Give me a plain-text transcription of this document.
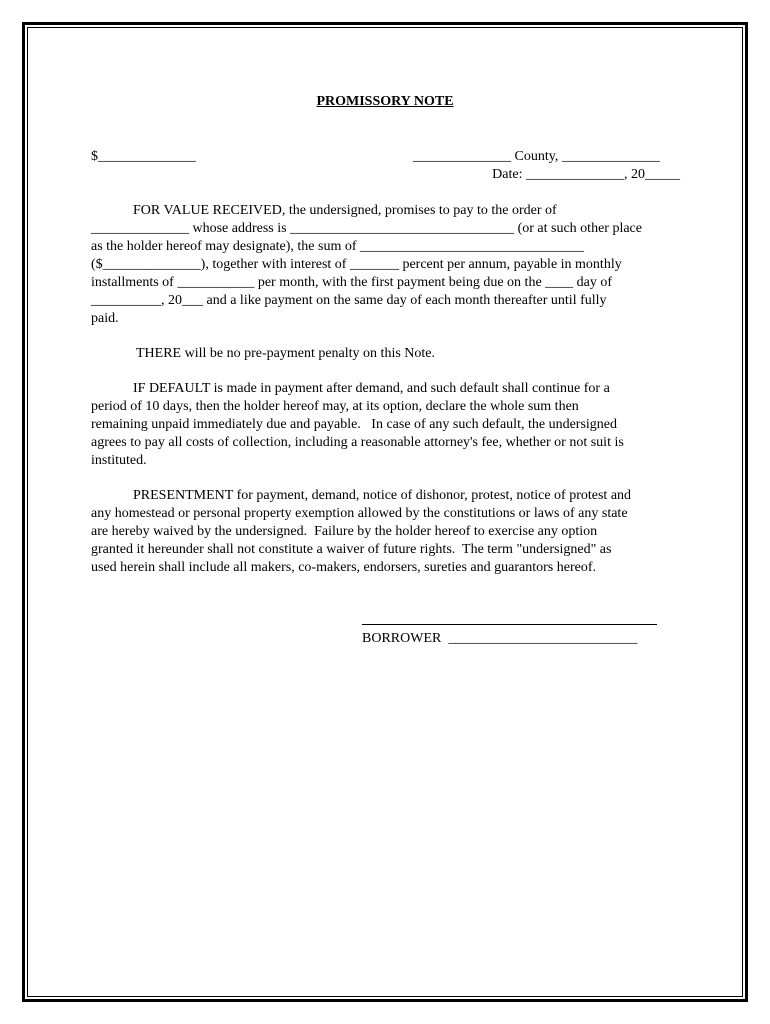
PROMISSORY NOTE
$______________	______________ County, ______________
Date: ______________, 20_____
FOR VALUE RECEIVED, the undersigned, promises to pay to the order of
______________ whose address is ________________________________ (or at such other place
as the holder hereof may designate), the sum of ________________________________
($______________), together with interest of _______ percent per annum, payable in monthly
installments of ___________ per month, with the first payment being due on the ____ day of
__________, 20___ and a like payment on the same day of each month thereafter until fully
paid.
THERE will be no pre-payment penalty on this Note.
IF DEFAULT is made in payment after demand, and such default shall continue for a
period of 10 days, then the holder hereof may, at its option, declare the whole sum then
remaining unpaid immediately due and payable.   In case of any such default, the undersigned
agrees to pay all costs of collection, including a reasonable attorney's fee, whether or not suit is
instituted.
PRESENTMENT for payment, demand, notice of dishonor, protest, notice of protest and
any homestead or personal property exemption allowed by the constitutions or laws of any state
are hereby waived by the undersigned.  Failure by the holder hereof to exercise any option
granted it hereunder shall not constitute a waiver of future rights.  The term "undersigned" as
used herein shall include all makers, co-makers, endorsers, sureties and guarantors hereof.
BORROWER  ___________________________
